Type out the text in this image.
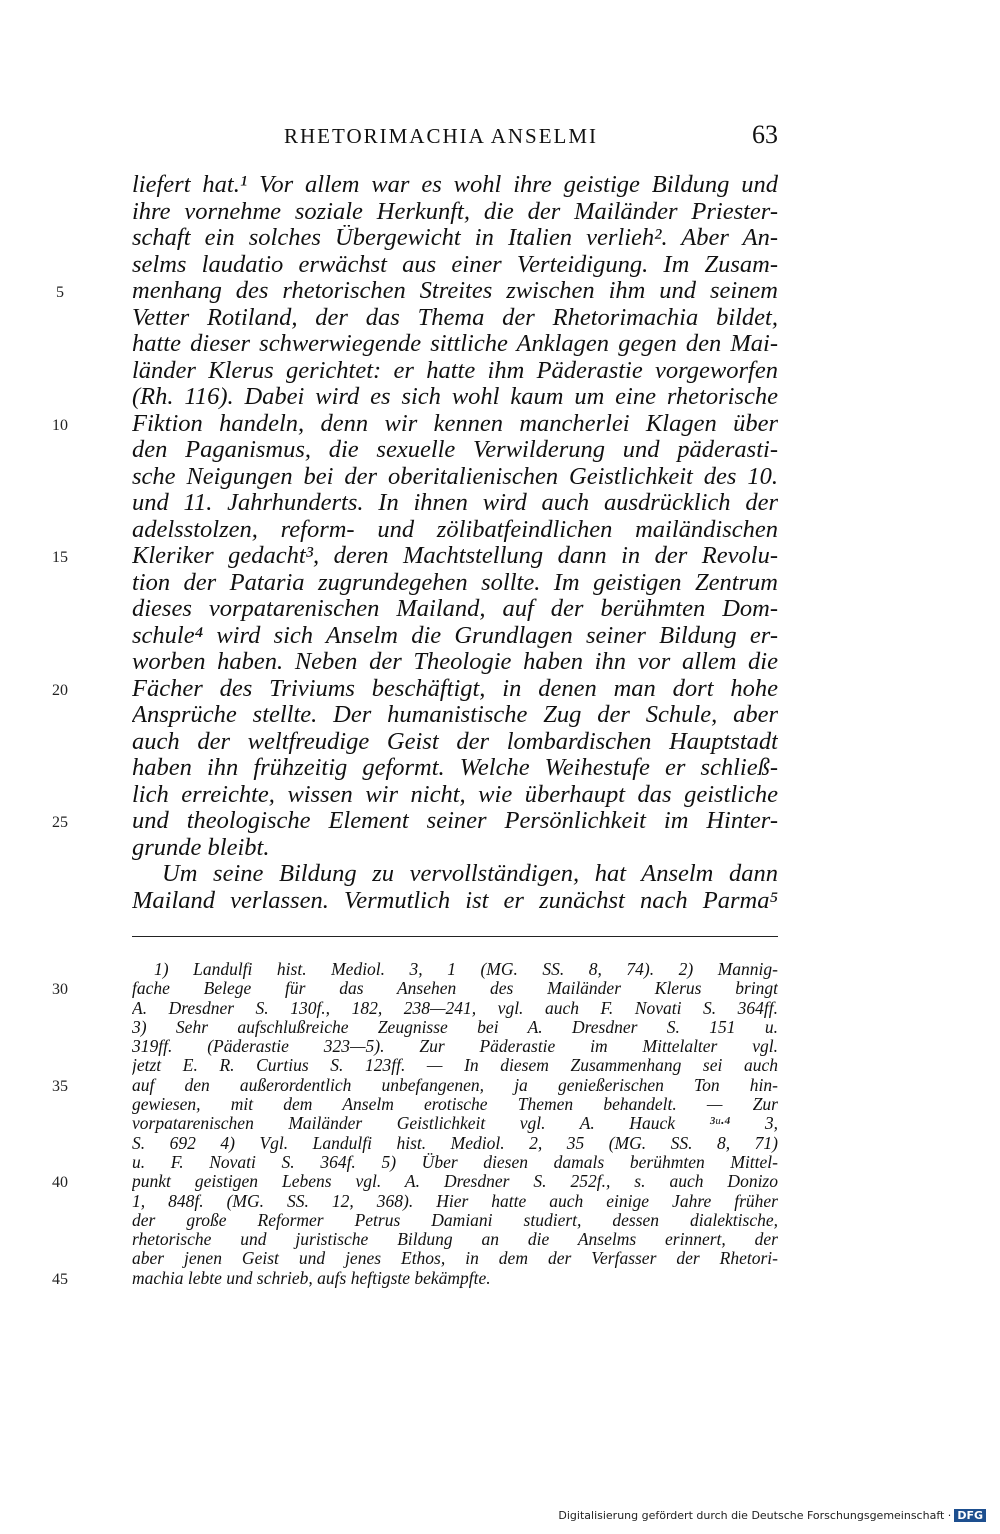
RHETORIMACHIA ANSELMI	63
liefert hat.¹ Vor allem war es wohl ihre geistige Bildung und
ihre vornehme soziale Herkunft, die der Mailänder Priester-
schaft ein solches Übergewicht in Italien verlieh². Aber An-
selms laudatio erwächst aus einer Verteidigung. Im Zusam-
menhang des rhetorischen Streites zwischen ihm und seinem
Vetter Rotiland, der das Thema der Rhetorimachia bildet,
hatte dieser schwerwiegende sittliche Anklagen gegen den Mai-
länder Klerus gerichtet: er hatte ihm Päderastie vorgeworfen
(Rh. 116). Dabei wird es sich wohl kaum um eine rhetorische
Fiktion handeln, denn wir kennen mancherlei Klagen über
den Paganismus, die sexuelle Verwilderung und päderasti-
sche Neigungen bei der oberitalienischen Geistlichkeit des 10.
und 11. Jahrhunderts. In ihnen wird auch ausdrücklich der
adelsstolzen, reform- und zölibatfeindlichen mailändischen
Kleriker gedacht³, deren Machtstellung dann in der Revolu-
tion der Pataria zugrundegehen sollte. Im geistigen Zentrum
dieses vorpatarenischen Mailand, auf der berühmten Dom-
schule⁴ wird sich Anselm die Grundlagen seiner Bildung er-
worben haben. Neben der Theologie haben ihn vor allem die
Fächer des Triviums beschäftigt, in denen man dort hohe
Ansprüche stellte. Der humanistische Zug der Schule, aber
auch der weltfreudige Geist der lombardischen Hauptstadt
haben ihn frühzeitig geformt. Welche Weihestufe er schließ-
lich erreichte, wissen wir nicht, wie überhaupt das geistliche
und theologische Element seiner Persönlichkeit im Hinter-
grunde bleibt.
Um seine Bildung zu vervollständigen, hat Anselm dann
Mailand verlassen. Vermutlich ist er zunächst nach Parma⁵
1) Landulfi hist. Mediol. 3, 1 (MG. SS. 8, 74). 2) Mannig-
fache Belege für das Ansehen des Mailänder Klerus bringt
A. Dresdner S. 130f., 182, 238—241, vgl. auch F. Novati S. 364ff.
3) Sehr aufschlußreiche Zeugnisse bei A. Dresdner S. 151 u.
319ff. (Päderastie 323—5). Zur Päderastie im Mittelalter vgl.
jetzt E. R. Curtius S. 123ff. — In diesem Zusammenhang sei auch
auf den außerordentlich unbefangenen, ja genießerischen Ton hin-
gewiesen, mit dem Anselm erotische Themen behandelt. — Zur
vorpatarenischen Mailänder Geistlichkeit vgl. A. Hauck ³ᵘ·⁴ 3,
S. 692 4) Vgl. Landulfi hist. Mediol. 2, 35 (MG. SS. 8, 71)
u. F. Novati S. 364f. 5) Über diesen damals berühmten Mittel-
punkt geistigen Lebens vgl. A. Dresdner S. 252f., s. auch Donizo
1, 848f. (MG. SS. 12, 368). Hier hatte auch einige Jahre früher
der große Reformer Petrus Damiani studiert, dessen dialektische,
rhetorische und juristische Bildung an die Anselms erinnert, der
aber jenen Geist und jenes Ethos, in dem der Verfasser der Rhetori-
machia lebte und schrieb, aufs heftigste bekämpfte.
Digitalisierung gefördert durch die Deutsche Forschungsgemeinschaft · DFG
5
10
15
20
25
30
35
40
45
